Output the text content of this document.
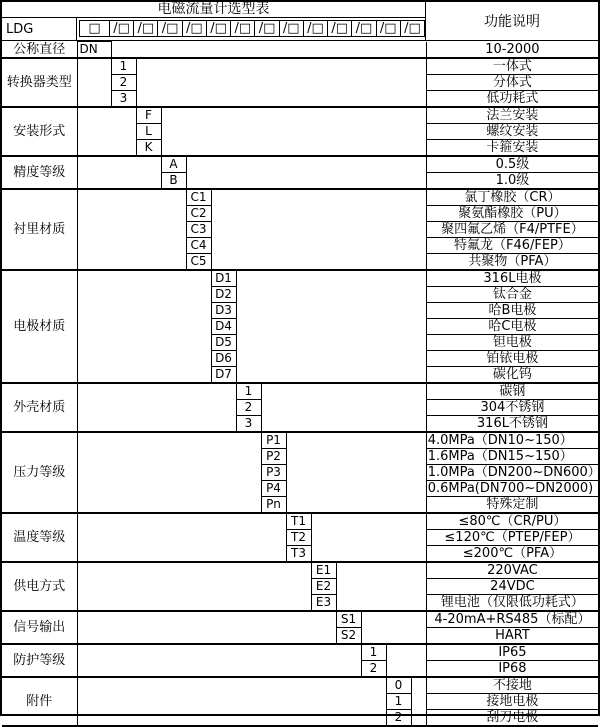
电磁流量计选型表
LDG	□ /□ /□ /□ /□ /□ /□ /□ /□ /□ /□ /□ /□ /□	功能说明
公称直径	DN														10-2000
转换器类型		1													一体式
		2													分体式
		3													低功耗式
安装形式			F												法兰安装
			L												螺纹安装
			K												卡箍安装
精度等级				A											0.5级
				B											1.0级
衬里材质					C1										氯丁橡胶（CR）
					C2										聚氨酯橡胶（PU）
					C3										聚四氟乙烯（F4/PTFE）
					C4										特氟龙（F46/FEP）
					C5										共聚物（PFA）
电极材质						D1									316L电极
						D2									钛合金
						D3									哈B电极
						D4									哈C电极
						D5									钽电极
						D6									铂铱电极
						D7									碳化钨
外壳材质							1								碳钢
							2								304不锈钢
							3								316L不锈钢
压力等级								P1							4.0MPa（DN10~150）
								P2							1.6MPa（DN15~150）
								P3							1.0MPa（DN200~DN600）
								P4							0.6MPa(DN700~DN2000)
								Pn							特殊定制
温度等级									T1						≤80℃（CR/PU）
									T2						≤120℃（PTEP/FEP）
									T3						≤200℃（PFA）
供电方式										E1					220VAC
										E2					24VDC
										E3					锂电池（仅限低功耗式）
信号输出											S1				4-20mA+RS485（标配）
											S2				HART
防护等级												1			IP65
												2			IP68
附件													0		不接地
													1		接地电极
													2		刮刀电极
